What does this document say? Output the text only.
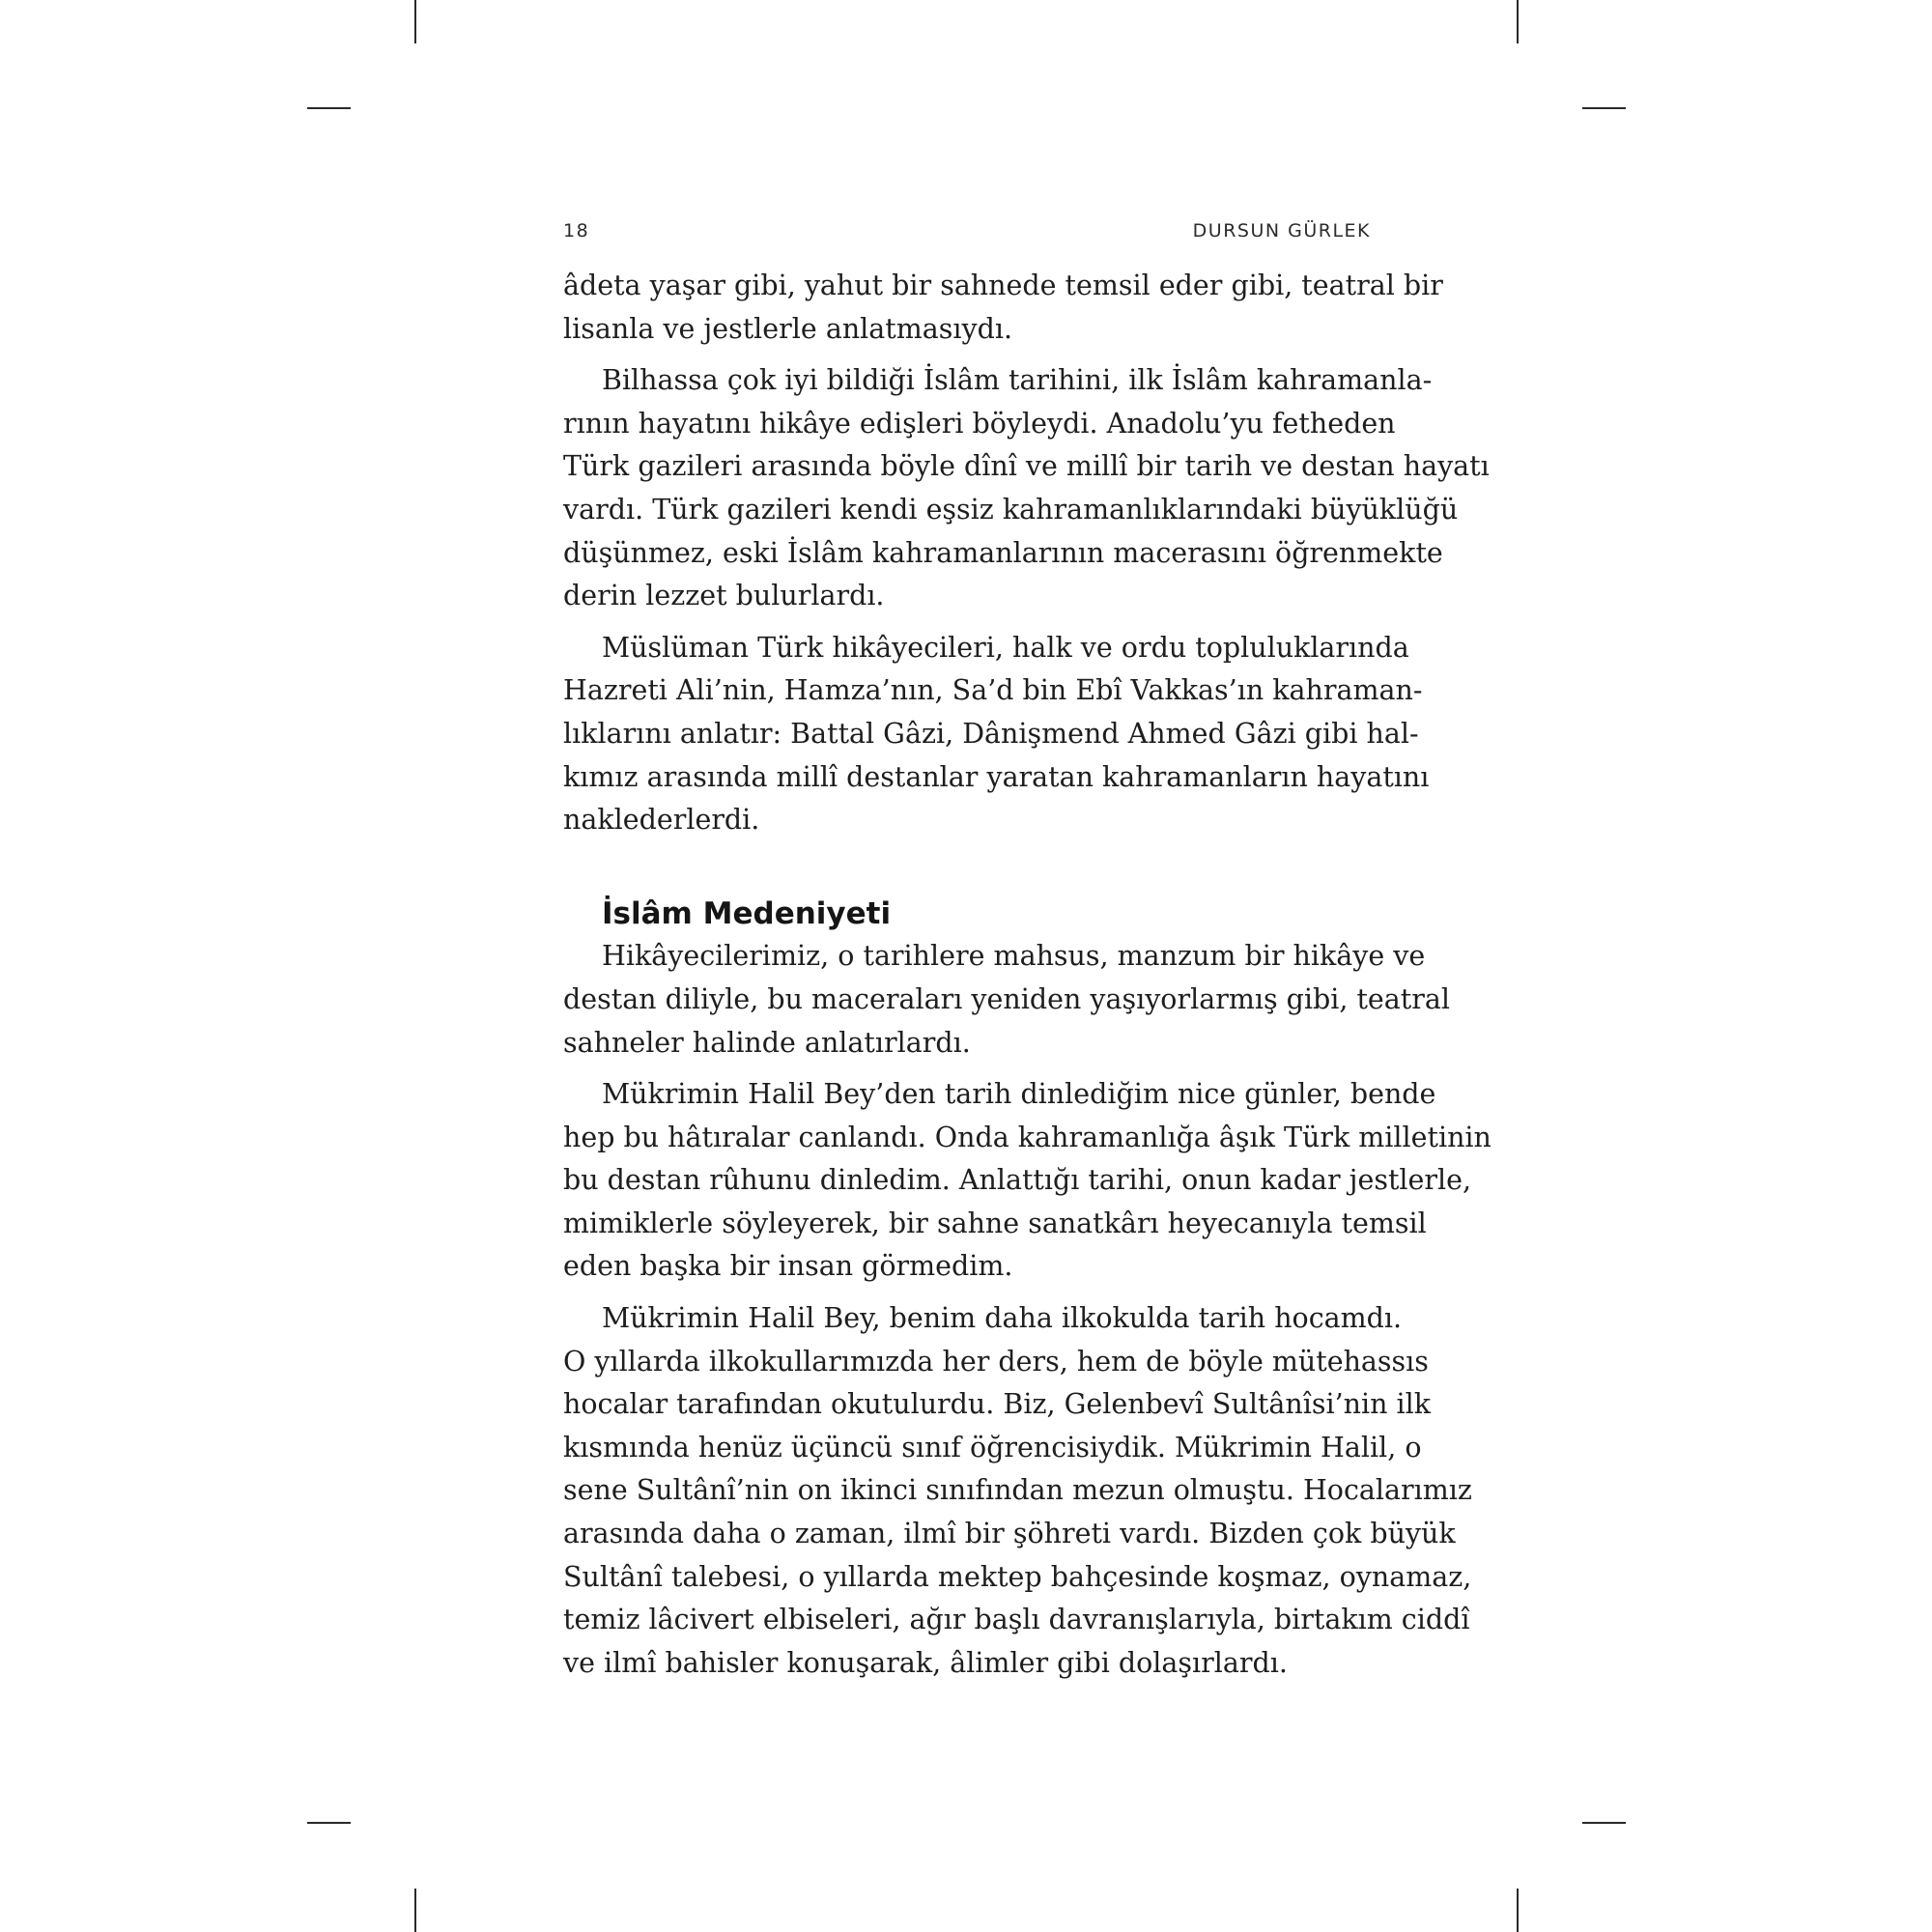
18	DURSUN GÜRLEK
âdeta yaşar gibi, yahut bir sahnede temsil eder gibi, teatral bir
lisanla ve jestlerle anlatmasıydı.
Bilhassa çok iyi bildiği İslâm tarihini, ilk İslâm kahramanla-
rının hayatını hikâye edişleri böyleydi. Anadolu’yu fetheden
Türk gazileri arasında böyle dînî ve millî bir tarih ve destan hayatı
vardı. Türk gazileri kendi eşsiz kahramanlıklarındaki büyüklüğü
düşünmez, eski İslâm kahramanlarının macerasını öğrenmekte
derin lezzet bulurlardı.
Müslüman Türk hikâyecileri, halk ve ordu topluluklarında
Hazreti Ali’nin, Hamza’nın, Sa’d bin Ebî Vakkas’ın kahraman-
lıklarını anlatır: Battal Gâzi, Dânişmend Ahmed Gâzi gibi hal-
kımız arasında millî destanlar yaratan kahramanların hayatını
naklederlerdi.
İslâm Medeniyeti
Hikâyecilerimiz, o tarihlere mahsus, manzum bir hikâye ve
destan diliyle, bu maceraları yeniden yaşıyorlarmış gibi, teatral
sahneler halinde anlatırlardı.
Mükrimin Halil Bey’den tarih dinlediğim nice günler, bende
hep bu hâtıralar canlandı. Onda kahramanlığa âşık Türk milletinin
bu destan rûhunu dinledim. Anlattığı tarihi, onun kadar jestlerle,
mimiklerle söyleyerek, bir sahne sanatkârı heyecanıyla temsil
eden başka bir insan görmedim.
Mükrimin Halil Bey, benim daha ilkokulda tarih hocamdı.
O yıllarda ilkokullarımızda her ders, hem de böyle mütehassıs
hocalar tarafından okutulurdu. Biz, Gelenbevî Sultânîsi’nin ilk
kısmında henüz üçüncü sınıf öğrencisiydik. Mükrimin Halil, o
sene Sultânî’nin on ikinci sınıfından mezun olmuştu. Hocalarımız
arasında daha o zaman, ilmî bir şöhreti vardı. Bizden çok büyük
Sultânî talebesi, o yıllarda mektep bahçesinde koşmaz, oynamaz,
temiz lâcivert elbiseleri, ağır başlı davranışlarıyla, birtakım ciddî
ve ilmî bahisler konuşarak, âlimler gibi dolaşırlardı.
